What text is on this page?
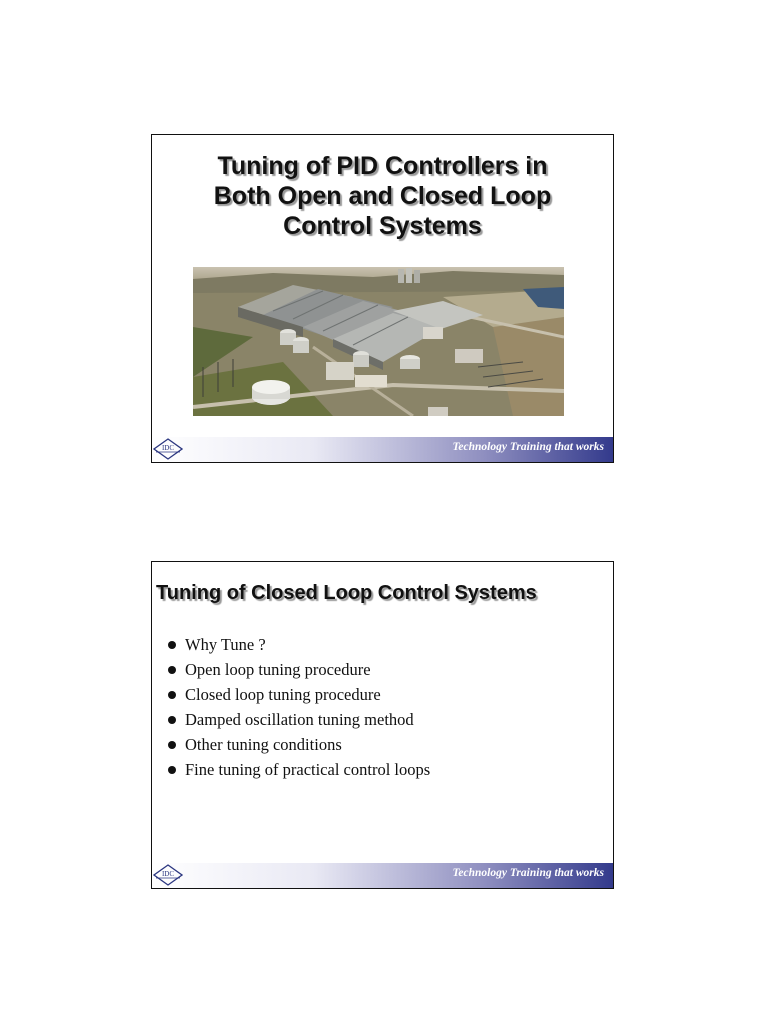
Tuning of PID Controllers in
Both Open and Closed Loop
Control Systems
IDC	Technology Training that works
Tuning of Closed Loop Control Systems
Why Tune ?
Open loop tuning procedure
Closed loop tuning procedure
Damped oscillation tuning method
Other tuning conditions
Fine tuning of practical control loops
IDC	Technology Training that works
